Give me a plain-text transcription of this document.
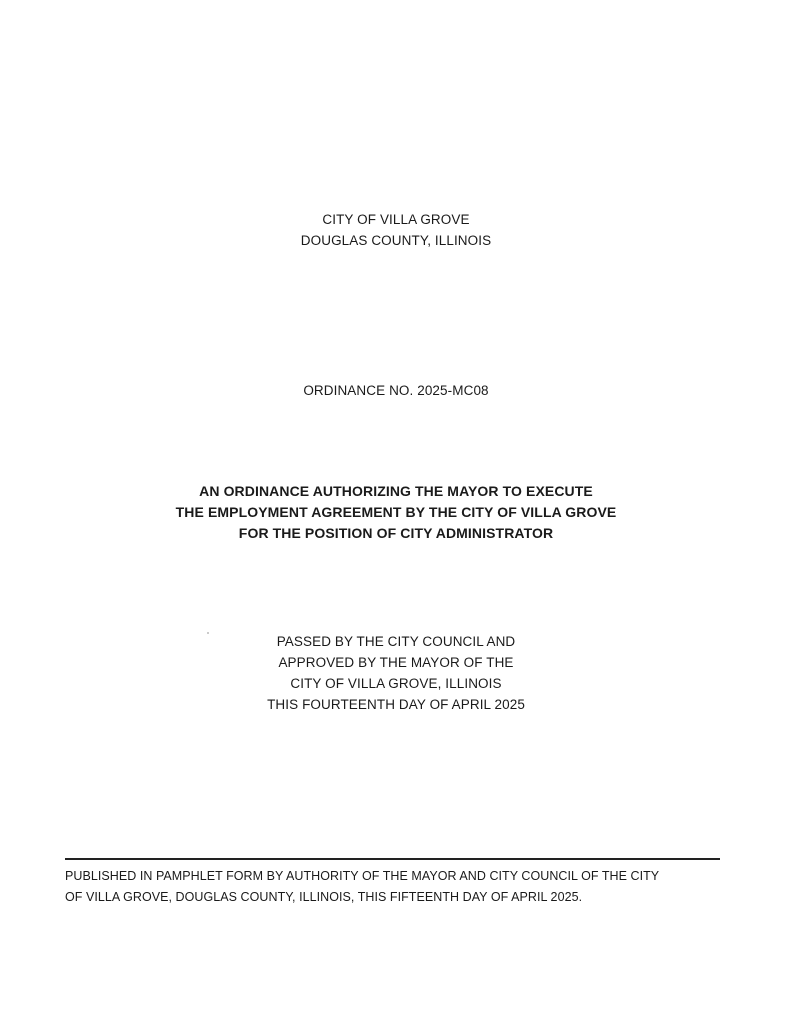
CITY OF VILLA GROVE
DOUGLAS COUNTY, ILLINOIS
ORDINANCE NO. 2025-MC08
AN ORDINANCE AUTHORIZING THE MAYOR TO EXECUTE
THE EMPLOYMENT AGREEMENT BY THE CITY OF VILLA GROVE
FOR THE POSITION OF CITY ADMINISTRATOR
PASSED BY THE CITY COUNCIL AND
APPROVED BY THE MAYOR OF THE
CITY OF VILLA GROVE, ILLINOIS
THIS FOURTEENTH DAY OF APRIL 2025
PUBLISHED IN PAMPHLET FORM BY AUTHORITY OF THE MAYOR AND CITY COUNCIL OF THE CITY
OF VILLA GROVE, DOUGLAS COUNTY, ILLINOIS, THIS FIFTEENTH DAY OF APRIL 2025.
